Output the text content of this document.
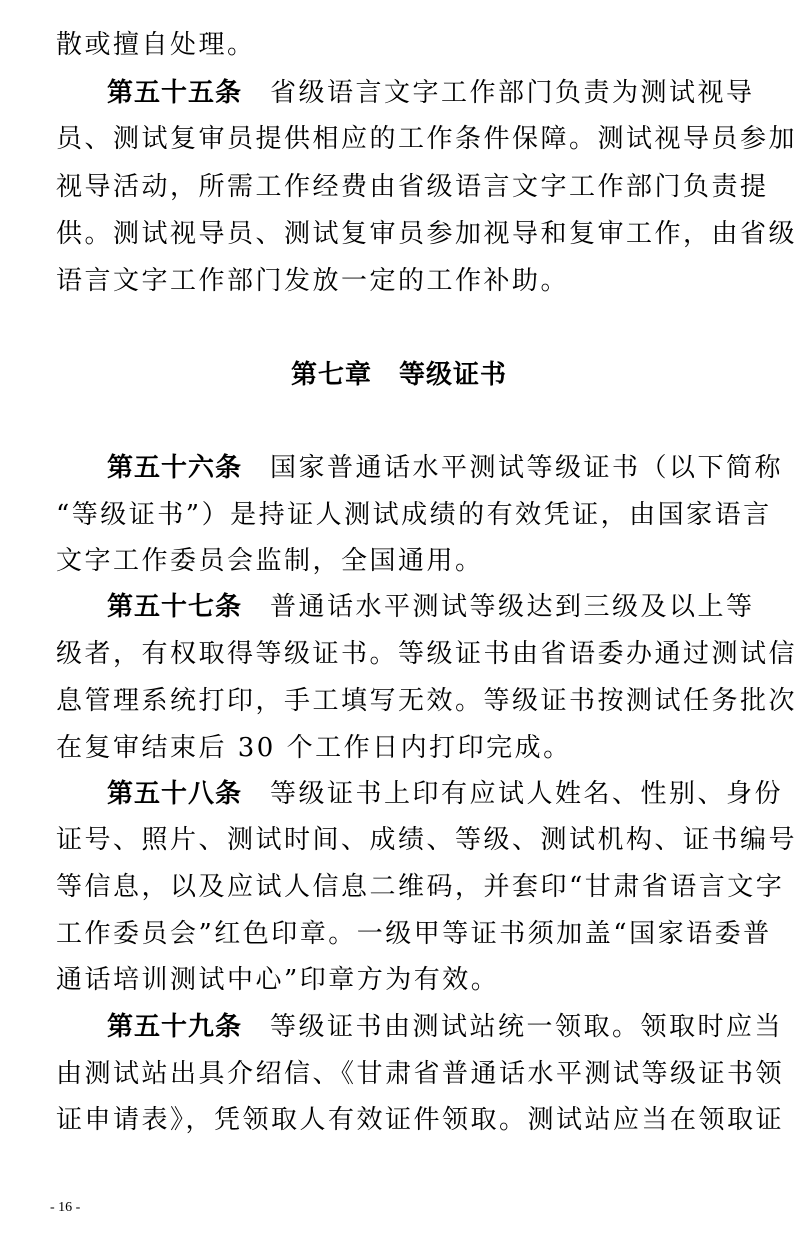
散或擅自处理。
第五十五条 省级语言文字工作部门负责为测试视导
员、测试复审员提供相应的工作条件保障。测试视导员参加
视导活动，所需工作经费由省级语言文字工作部门负责提
供。测试视导员、测试复审员参加视导和复审工作，由省级
语言文字工作部门发放一定的工作补助。
第七章　等级证书
第五十六条 国家普通话水平测试等级证书（以下简称
“等级证书”）是持证人测试成绩的有效凭证，由国家语言
文字工作委员会监制，全国通用。
第五十七条 普通话水平测试等级达到三级及以上等
级者，有权取得等级证书。等级证书由省语委办通过测试信
息管理系统打印，手工填写无效。等级证书按测试任务批次
在复审结束后 30 个工作日内打印完成。
第五十八条 等级证书上印有应试人姓名、性别、身份
证号、照片、测试时间、成绩、等级、测试机构、证书编号
等信息，以及应试人信息二维码，并套印“甘肃省语言文字
工作委员会”红色印章。一级甲等证书须加盖“国家语委普
通话培训测试中心”印章方为有效。
第五十九条 等级证书由测试站统一领取。领取时应当
由测试站出具介绍信、《甘肃省普通话水平测试等级证书领
证申请表》，凭领取人有效证件领取。测试站应当在领取证
- 16 -
